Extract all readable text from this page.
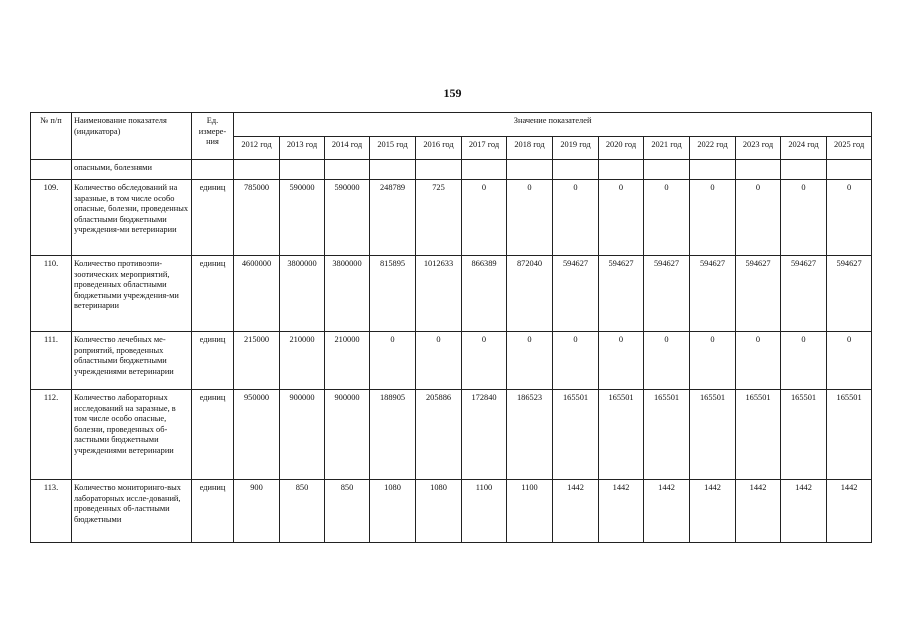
159
№ п/п	Наименование показателя (индикатора)	Ед. измере-ния	Значение показателей													
			2012 год	2013 год	2014 год	2015 год	2016 год	2017 год	2018 год	2019 год	2020 год	2021 год	2022 год	2023 год	2024 год	2025 год
	опасными, болезнями															
109.	Количество обследований на заразные, в том числе особо опасные, болезни, проведенных областными бюджетными учреждения-ми ветеринарии	единиц	785000	590000	590000	248789	725	0	0	0	0	0	0	0	0	0
110.	Количество противоэпи-зоотических мероприятий, проведенных областными бюджетными учреждения-ми ветеринарии	единиц	4600000	3800000	3800000	815895	1012633	866389	872040	594627	594627	594627	594627	594627	594627	594627
111.	Количество лечебных ме-роприятий, проведенных областными бюджетными учреждениями ветеринарии	единиц	215000	210000	210000	0	0	0	0	0	0	0	0	0	0	0
112.	Количество лабораторных исследований на заразные, в том числе особо опасные, болезни, проведенных об-ластными бюджетными учреждениями ветеринарии	единиц	950000	900000	900000	188905	205886	172840	186523	165501	165501	165501	165501	165501	165501	165501
113.	Количество мониторинго-вых лабораторных иссле-дований, проведенных об-ластными бюджетными	единиц	900	850	850	1080	1080	1100	1100	1442	1442	1442	1442	1442	1442	1442
